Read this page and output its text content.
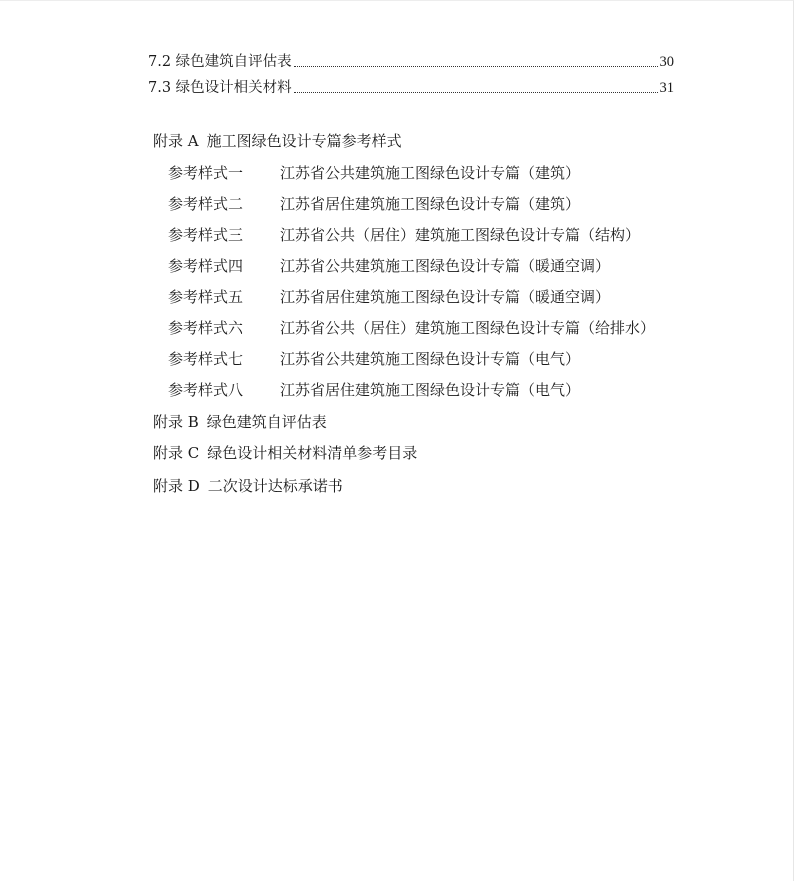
7.2 绿色建筑自评估表	30
7.3 绿色设计相关材料	31
附录 A 施工图绿色设计专篇参考样式
参考样式一 江苏省公共建筑施工图绿色设计专篇（建筑）
参考样式二 江苏省居住建筑施工图绿色设计专篇（建筑）
参考样式三 江苏省公共（居住）建筑施工图绿色设计专篇（结构）
参考样式四 江苏省公共建筑施工图绿色设计专篇（暖通空调）
参考样式五 江苏省居住建筑施工图绿色设计专篇（暖通空调）
参考样式六 江苏省公共（居住）建筑施工图绿色设计专篇（给排水）
参考样式七 江苏省公共建筑施工图绿色设计专篇（电气）
参考样式八 江苏省居住建筑施工图绿色设计专篇（电气）
附录 B 绿色建筑自评估表
附录 C 绿色设计相关材料清单参考目录
附录 D 二次设计达标承诺书
